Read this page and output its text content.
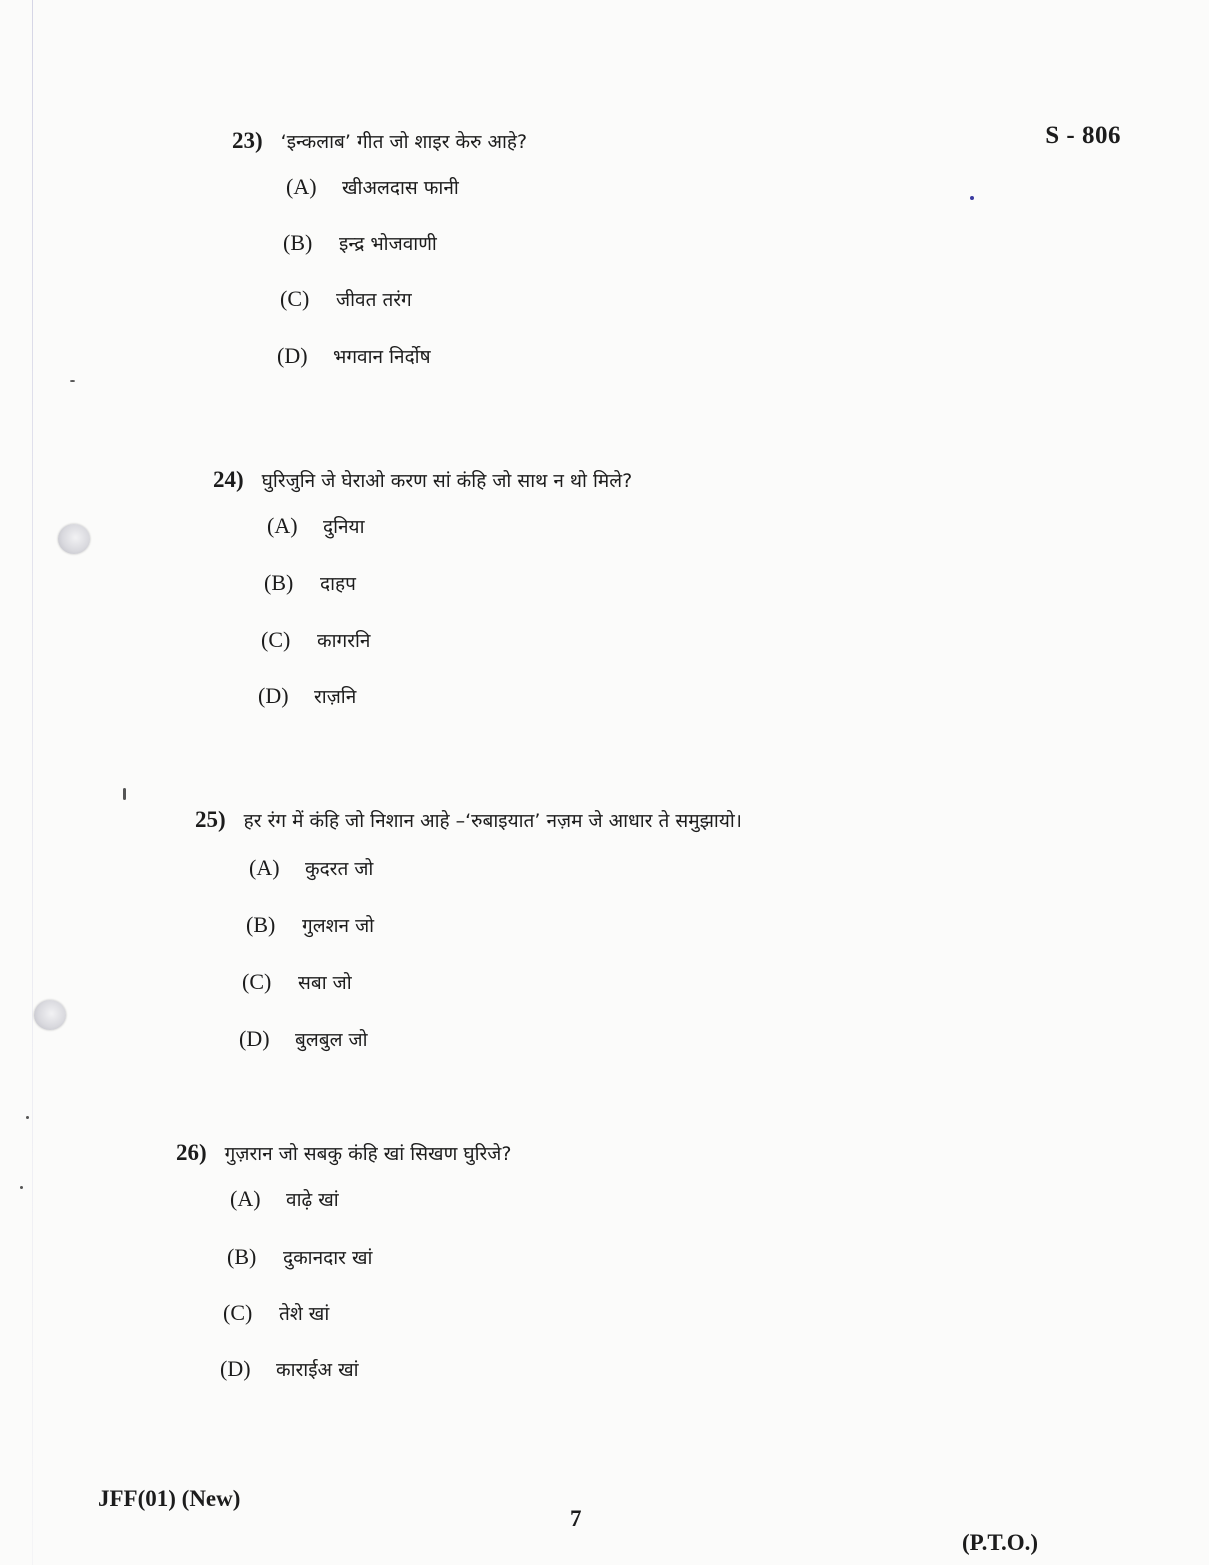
S - 806
23) ‘इन्कलाब’ गीत जो शाइर केरु आहे?
(A)	खीअलदास फानी
(B)	इन्द्र भोजवाणी
(C)	जीवत तरंग
(D)	भगवान निर्दोष
24) घुरिजुनि जे घेराओ करण सां कंहि जो साथ न थो मिले?
(A)	दुनिया
(B)	दाहप
(C)	कागरनि
(D)	राज़नि
25) हर रंग में कंहि जो निशान आहे –‘रुबाइयात’ नज़म जे आधार ते समुझायो।
(A)	कुदरत जो
(B)	गुलशन जो
(C)	सबा जो
(D)	बुलबुल जो
26) गुज़रान जो सबकु कंहि खां सिखण घुरिजे?
(A)	वाढ़े खां
(B)	दुकानदार खां
(C)	तेशे खां
(D)	काराईअ खां
JFF(01) (New)
7
(P.T.O.)
